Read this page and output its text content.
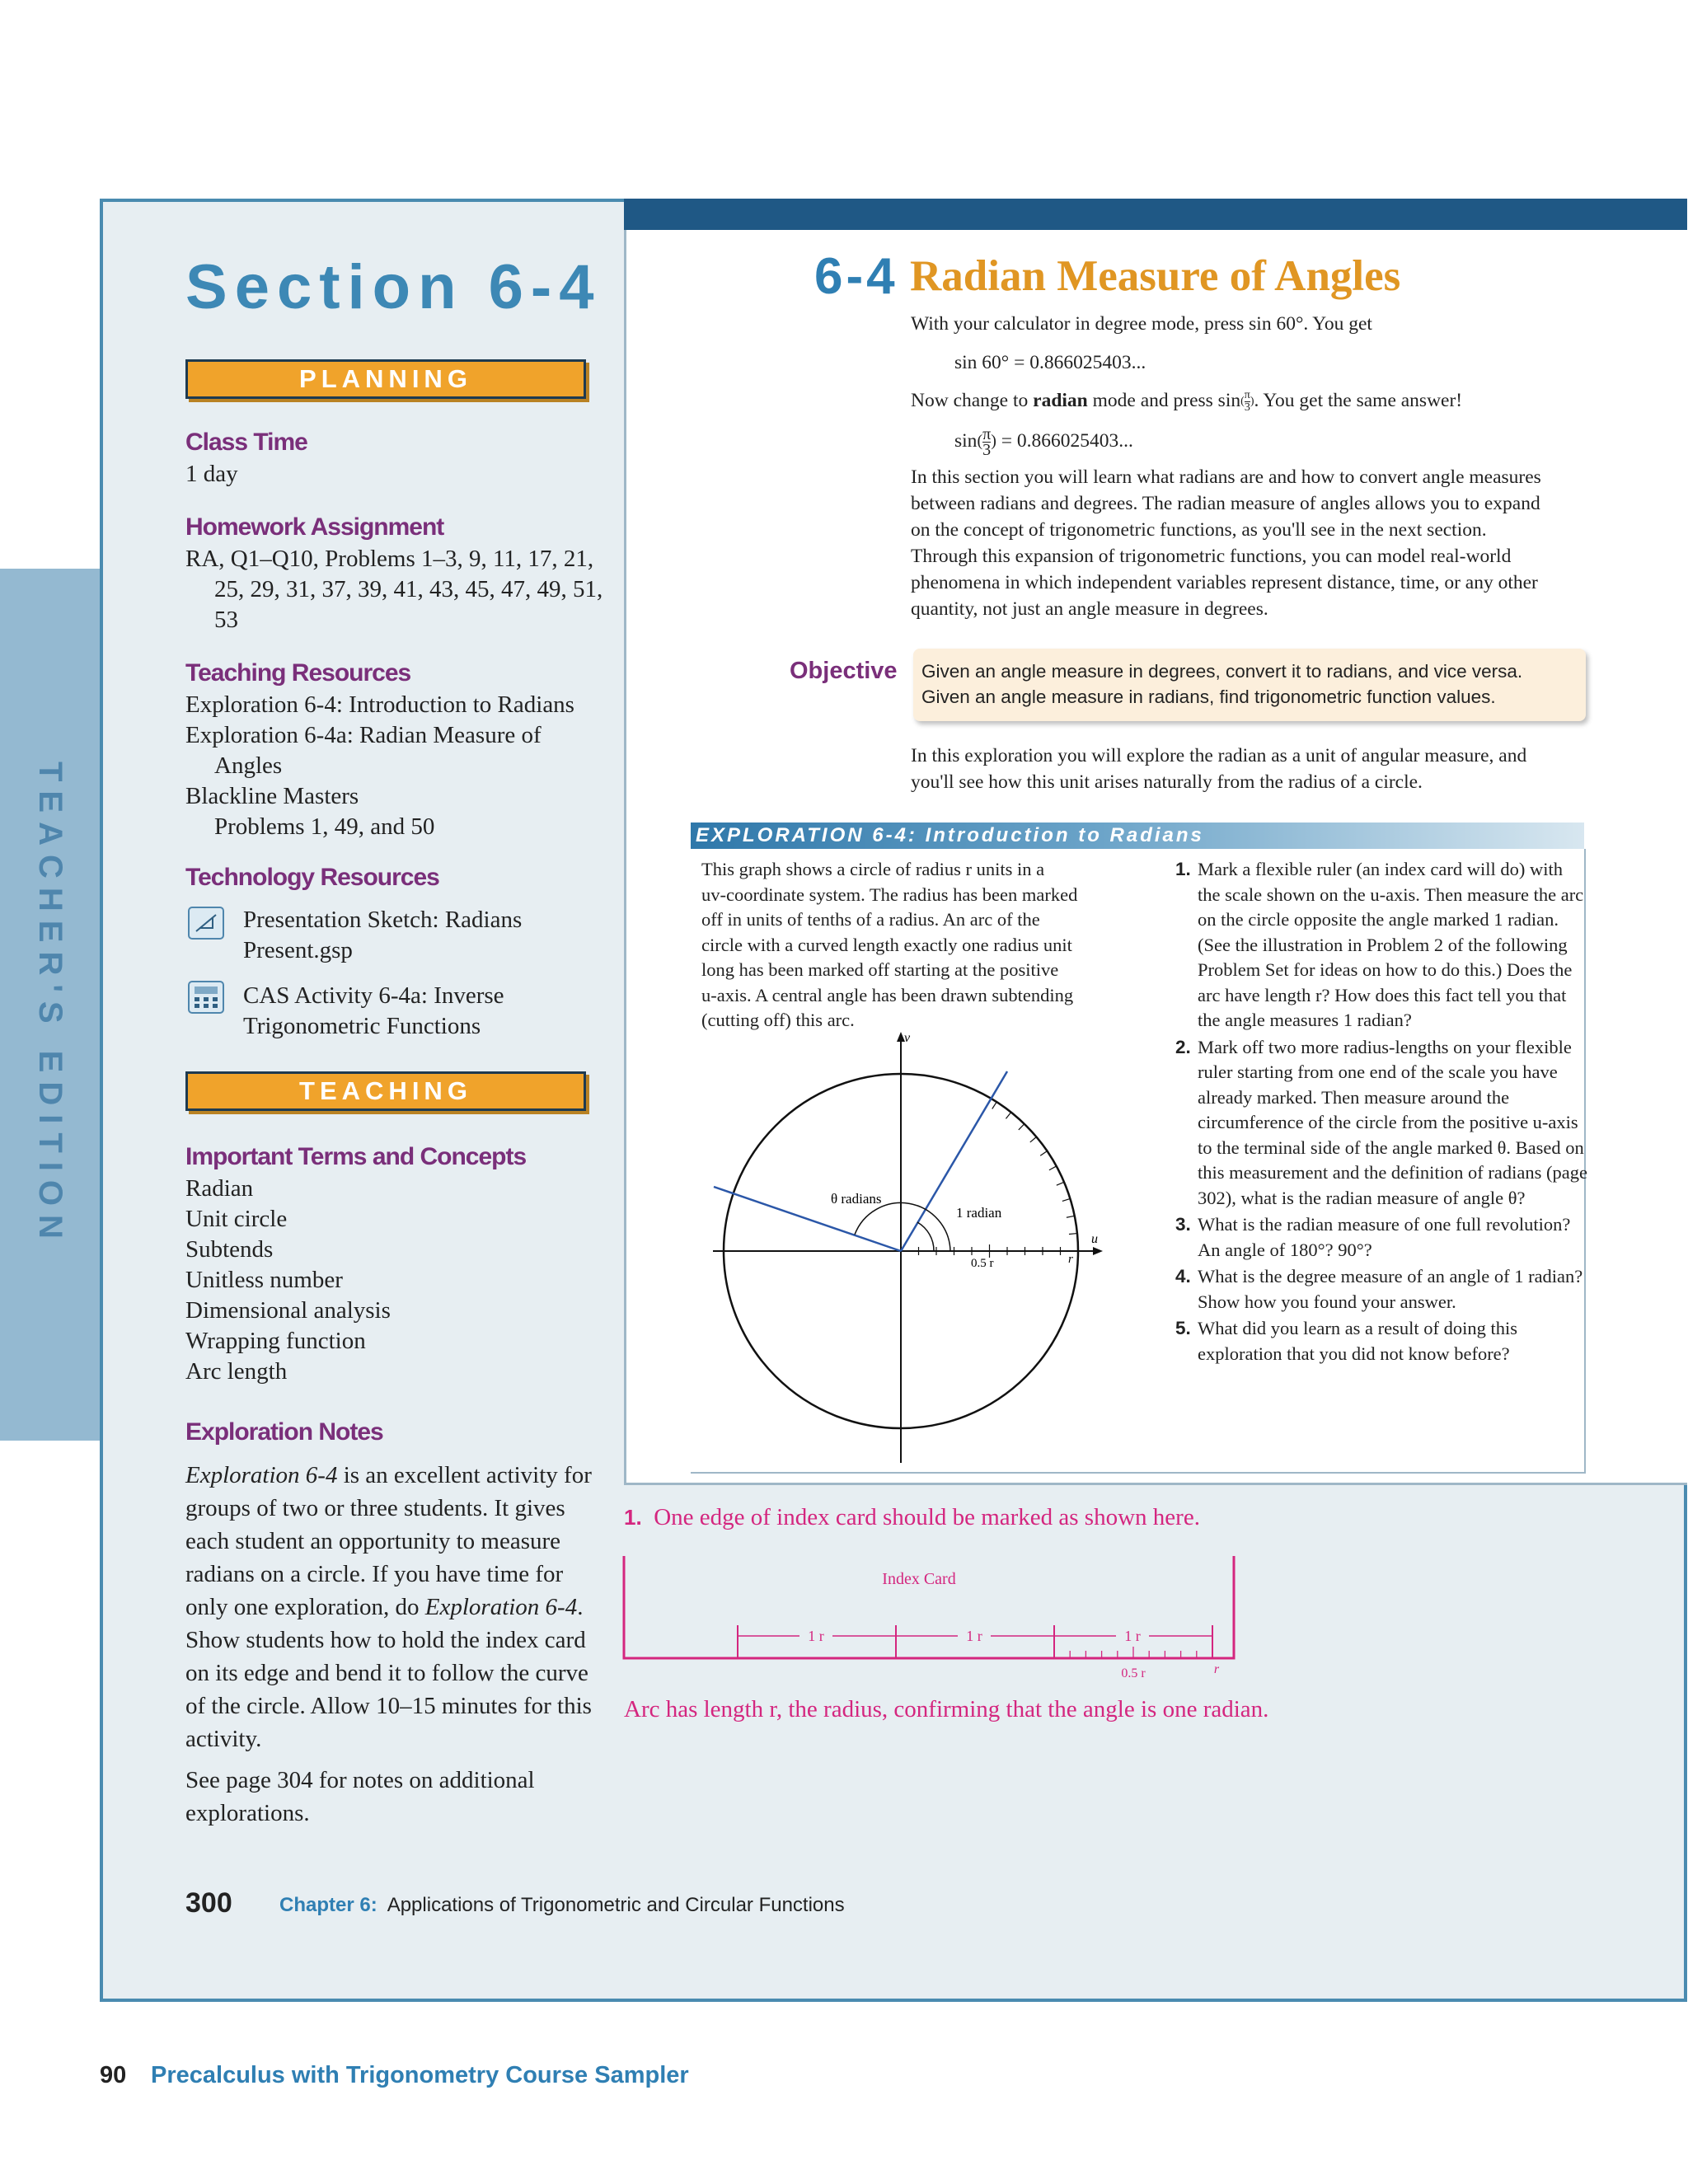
TEACHER'S EDITION
Section 6-4
PLANNING
Class Time
1 day
Homework Assignment
RA, Q1–Q10, Problems 1–3, 9, 11, 17, 21,
25, 29, 31, 37, 39, 41, 43, 45, 47, 49, 51,
53
Teaching Resources
Exploration 6-4: Introduction to Radians
Exploration 6-4a: Radian Measure of
Angles
Blackline Masters
Problems 1, 49, and 50
Technology Resources
Presentation Sketch: Radians
Present.gsp
CAS Activity 6-4a: Inverse
Trigonometric Functions
TEACHING
Important Terms and Concepts
Radian
Unit circle
Subtends
Unitless number
Dimensional analysis
Wrapping function
Arc length
Exploration Notes
Exploration 6-4 is an excellent activity for groups of two or three students. It gives each student an opportunity to measure radians on a circle. If you have time for only one exploration, do Exploration 6-4. Show students how to hold the index card on its edge and bend it to follow the curve of the circle. Allow 10–15 minutes for this activity.
See page 304 for notes on additional explorations.
6-4 Radian Measure of Angles
With your calculator in degree mode, press sin 60°. You get
sin 60° = 0.866025403...
Now change to radian mode and press $\sin( \frac{\pi}{3}$ ). You get the same answer!
$\sin( \frac{\pi}{3}$ ) = 0.866025403...
In this section you will learn what radians are and how to convert angle measures
between radians and degrees. The radian measure of angles allows you to expand
on the concept of trigonometric functions, as you'll see in the next section.
Through this expansion of trigonometric functions, you can model real-world
phenomena in which independent variables represent distance, time, or any other
quantity, not just an angle measure in degrees.
Objective Given an angle measure in degrees, convert it to radians, and vice versa.
Given an angle measure in radians, find trigonometric function values.
In this exploration you will explore the radian as a unit of angular measure, and
you'll see how this unit arises naturally from the radius of a circle.
EXPLORATION 6-4: Introduction to Radians
This graph shows a circle of radius r units in a
uv-coordinate system. The radius has been marked
off in units of tenths of a radius. An arc of the
circle with a curved length exactly one radius unit
long has been marked off starting at the positive
u-axis. A central angle has been drawn subtending
(cutting off) this arc.
v
u
θ radians
1 radian
0.5 r	r
1. Mark a flexible ruler (an index card will do) with the scale shown on the u-axis. Then measure the arc on the circle opposite the angle marked 1 radian. (See the illustration in Problem 2 of the following Problem Set for ideas on how to do this.) Does the arc have length r? How does this fact tell you that the angle measures 1 radian?
2. Mark off two more radius-lengths on your flexible ruler starting from one end of the scale you have already marked. Then measure around the circumference of the circle from the positive u-axis to the terminal side of the angle marked θ. Based on this measurement and the definition of radians (page 302), what is the radian measure of angle θ?
3. What is the radian measure of one full revolution? An angle of 180°? 90°?
4. What is the degree measure of an angle of 1 radian? Show how you found your answer.
5. What did you learn as a result of doing this exploration that you did not know before?
1. One edge of index card should be marked as shown here.
Index Card
1 r	1 r	1 r
0.5 r	r
Arc has length r, the radius, confirming that the angle is one radian.
300 Chapter 6: Applications of Trigonometric and Circular Functions
90 Precalculus with Trigonometry Course Sampler
